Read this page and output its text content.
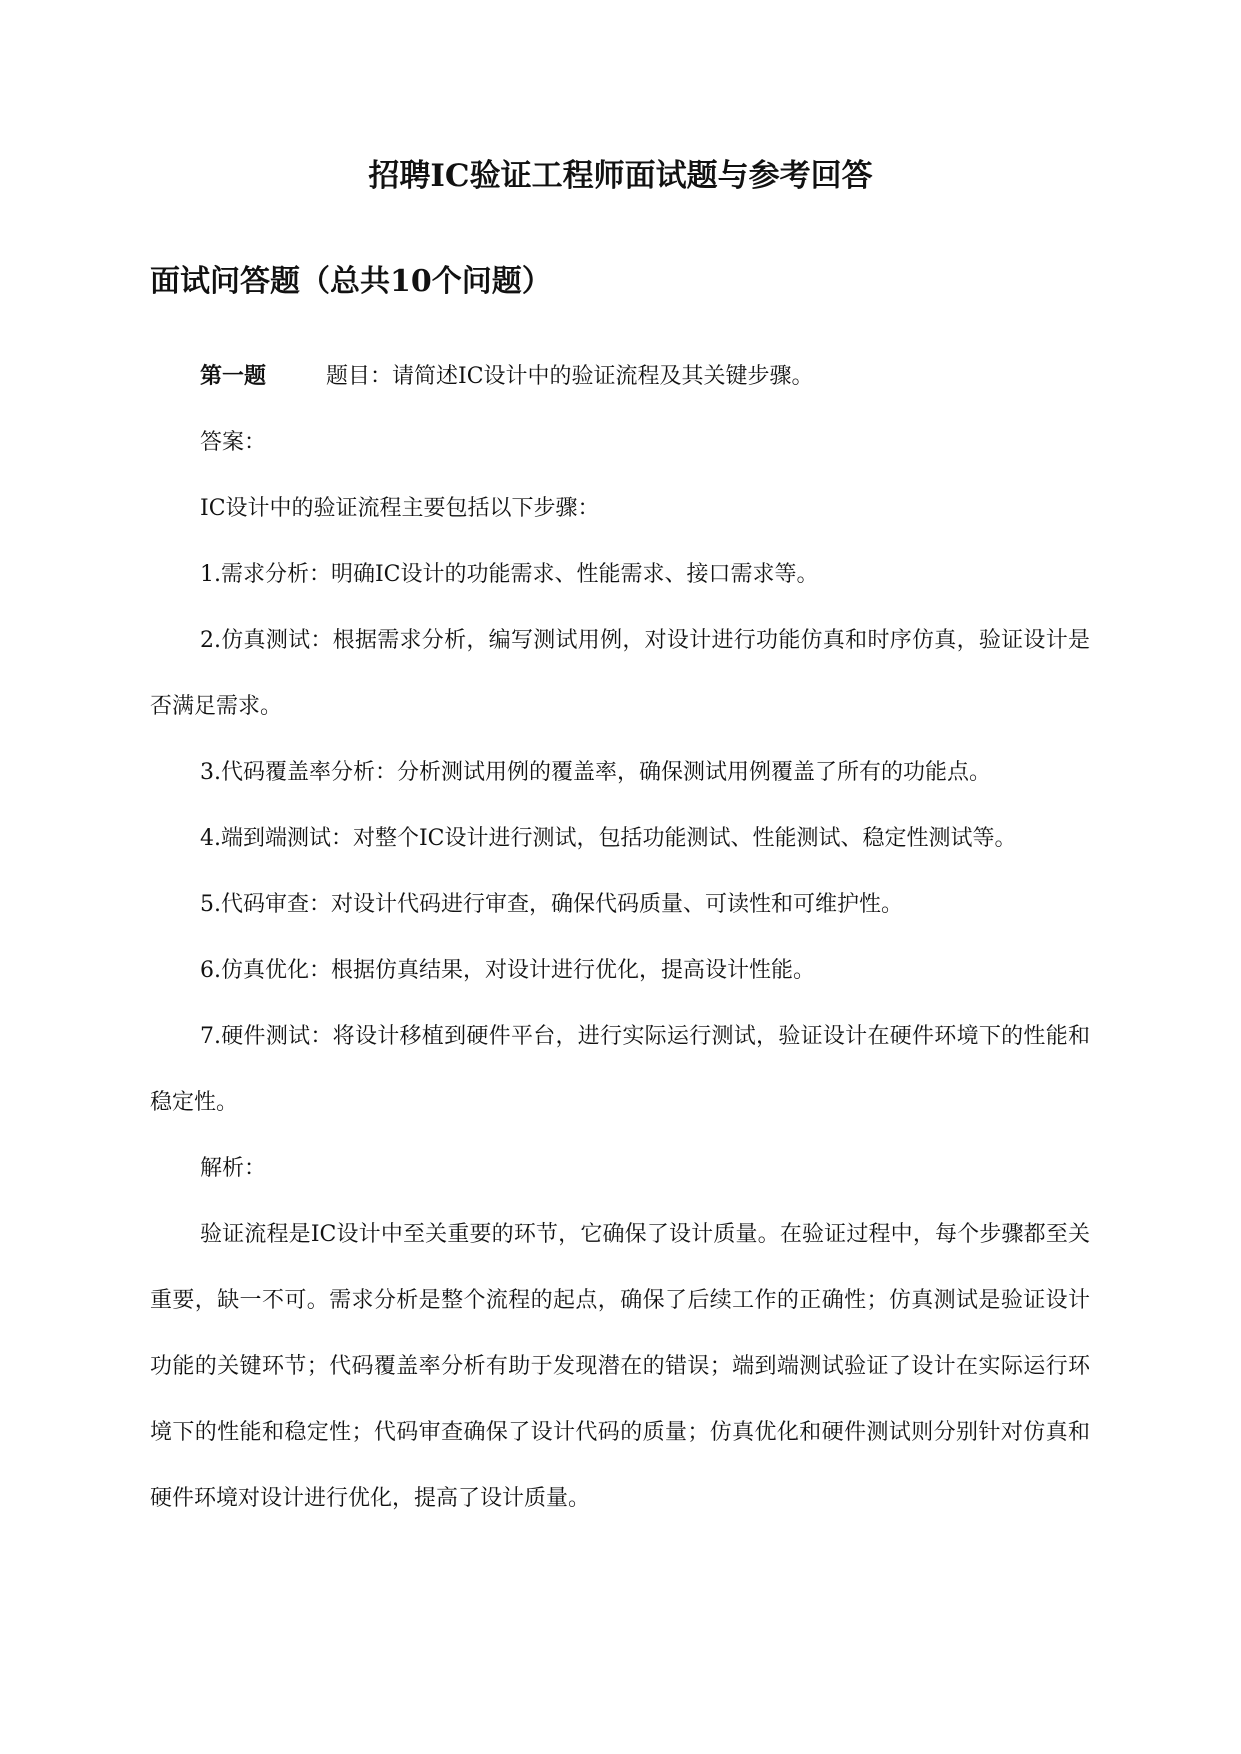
招聘IC验证工程师面试题与参考回答
面试问答题（总共10个问题）

第一题	题目：请简述IC设计中的验证流程及其关键步骤。

答案：

IC设计中的验证流程主要包括以下步骤：

1.需求分析：明确IC设计的功能需求、性能需求、接口需求等。

2.仿真测试：根据需求分析，编写测试用例，对设计进行功能仿真和时序仿真，验证设计是否满足需求。

3.代码覆盖率分析：分析测试用例的覆盖率，确保测试用例覆盖了所有的功能点。

4.端到端测试：对整个IC设计进行测试，包括功能测试、性能测试、稳定性测试等。

5.代码审查：对设计代码进行审查，确保代码质量、可读性和可维护性。

6.仿真优化：根据仿真结果，对设计进行优化，提高设计性能。

7.硬件测试：将设计移植到硬件平台，进行实际运行测试，验证设计在硬件环境下的性能和稳定性。

解析：

验证流程是IC设计中至关重要的环节，它确保了设计质量。在验证过程中，每个步骤都至关重要，缺一不可。需求分析是整个流程的起点，确保了后续工作的正确性；仿真测试是验证设计功能的关键环节；代码覆盖率分析有助于发现潜在的错误；端到端测试验证了设计在实际运行环境下的性能和稳定性；代码审查确保了设计代码的质量；仿真优化和硬件测试则分别针对仿真和硬件环境对设计进行优化，提高了设计质量。
